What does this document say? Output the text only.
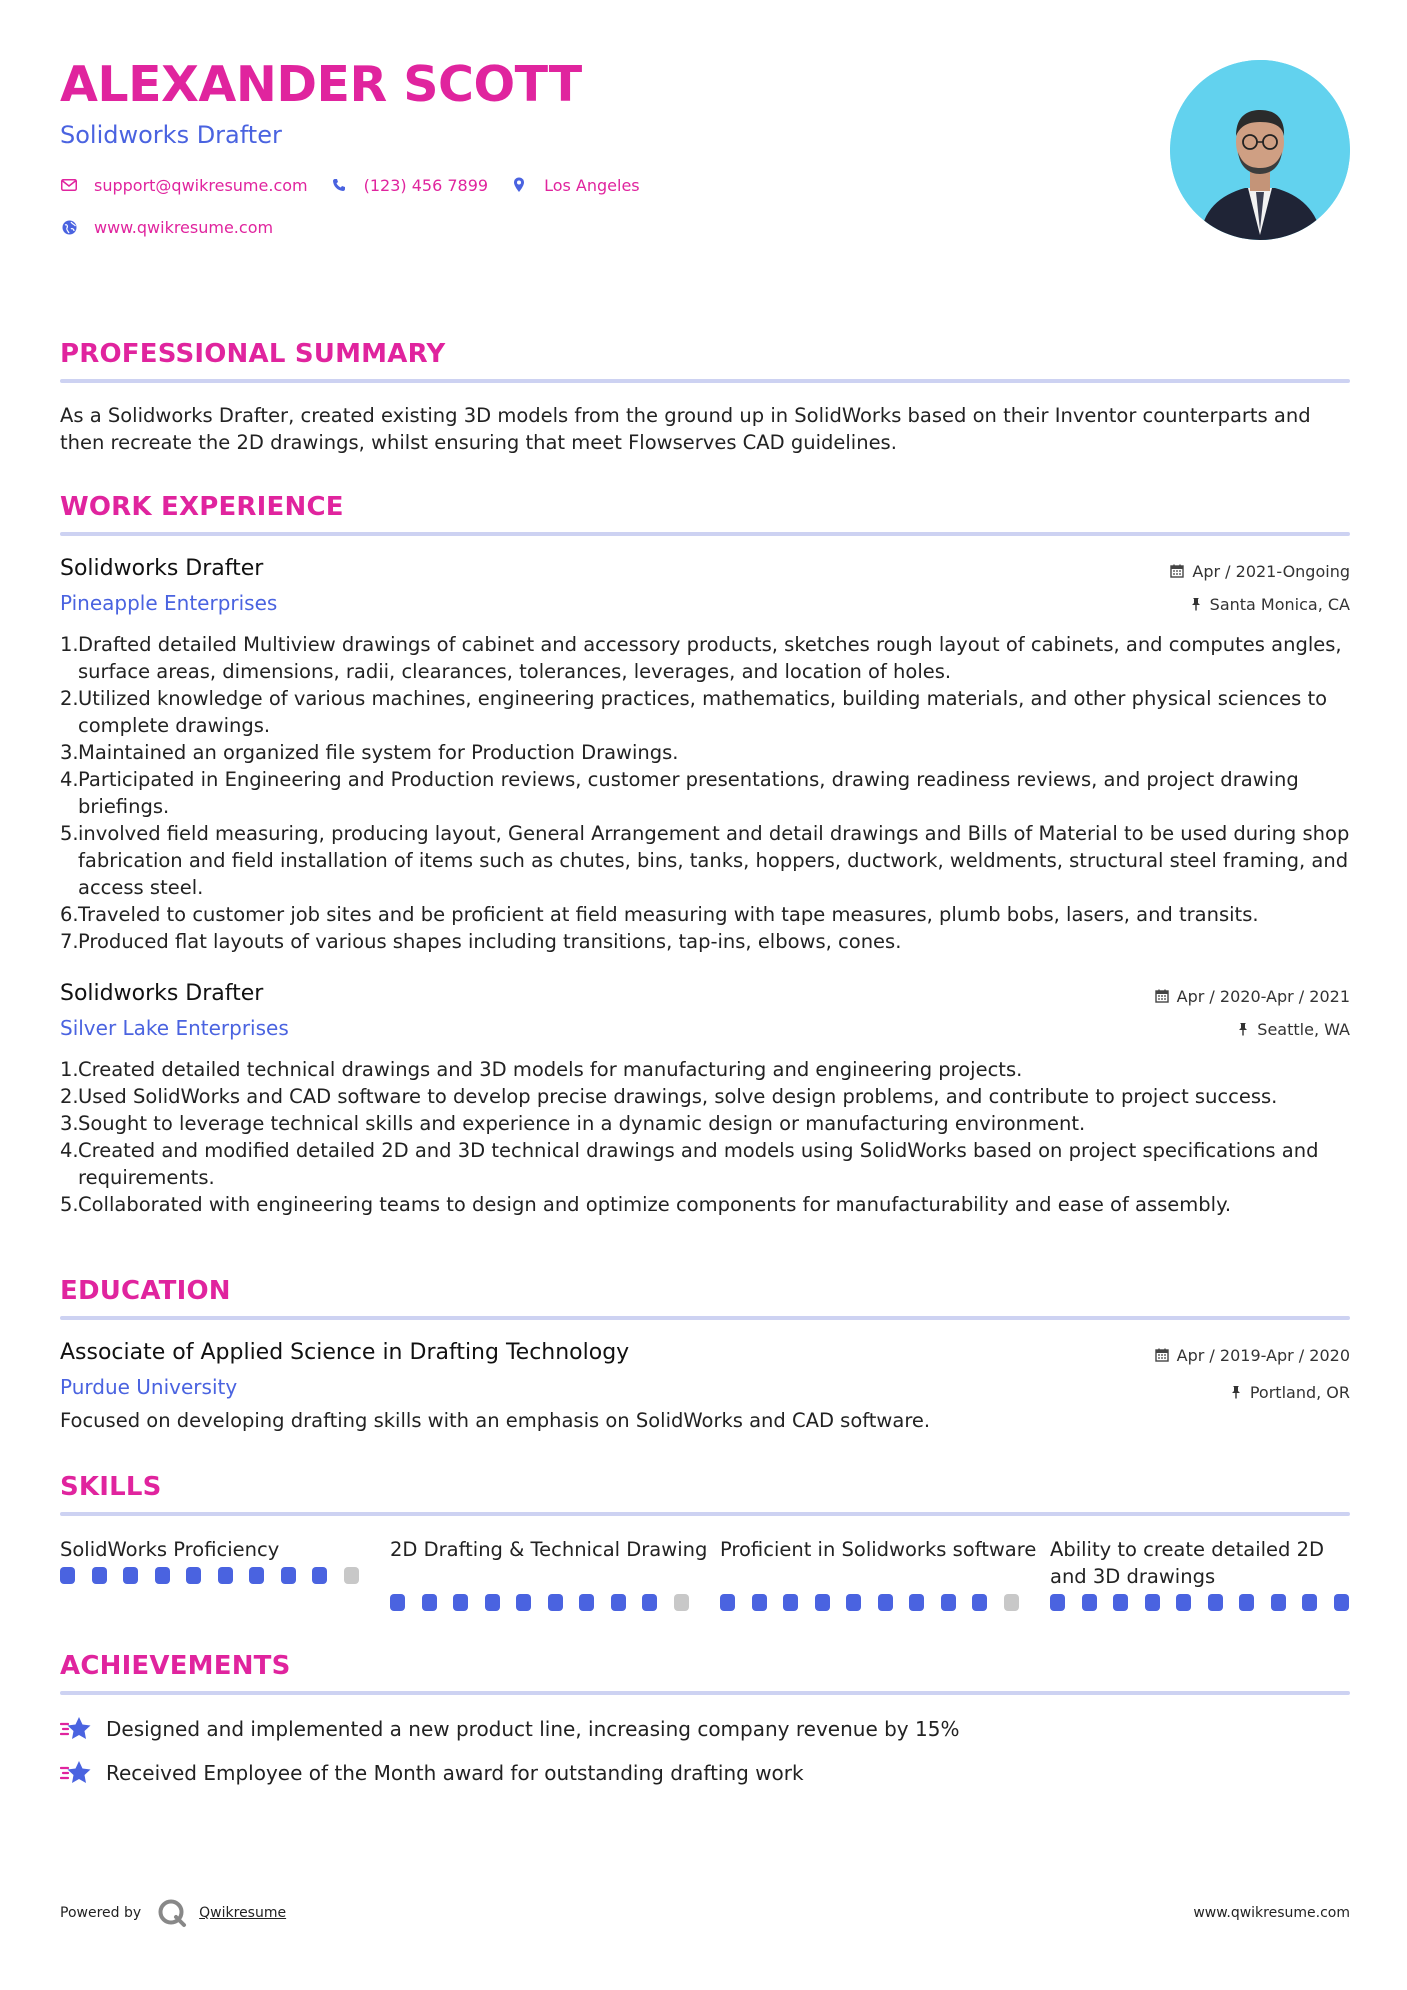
ALEXANDER SCOTT
Solidworks Drafter
support@qwikresume.com	(123) 456 7899	Los Angeles
www.qwikresume.com
PROFESSIONAL SUMMARY
As a Solidworks Drafter, created existing 3D models from the ground up in SolidWorks based on their Inventor counterparts and then recreate the 2D drawings, whilst ensuring that meet Flowserves CAD guidelines.
WORK EXPERIENCE
Solidworks Drafter
Pineapple Enterprises
Apr / 2021-Ongoing
Santa Monica, CA
Drafted detailed Multiview drawings of cabinet and accessory products, sketches rough layout of cabinets, and computes angles, surface areas, dimensions, radii, clearances, tolerances, leverages, and location of holes.
Utilized knowledge of various machines, engineering practices, mathematics, building materials, and other physical sciences to complete drawings.
Maintained an organized file system for Production Drawings.
Participated in Engineering and Production reviews, customer presentations, drawing readiness reviews, and project drawing briefings.
involved field measuring, producing layout, General Arrangement and detail drawings and Bills of Material to be used during shop fabrication and field installation of items such as chutes, bins, tanks, hoppers, ductwork, weldments, structural steel framing, and access steel.
Traveled to customer job sites and be proficient at field measuring with tape measures, plumb bobs, lasers, and transits.
Produced flat layouts of various shapes including transitions, tap-ins, elbows, cones.
Solidworks Drafter
Silver Lake Enterprises
Apr / 2020-Apr / 2021
Seattle, WA
Created detailed technical drawings and 3D models for manufacturing and engineering projects.
Used SolidWorks and CAD software to develop precise drawings, solve design problems, and contribute to project success.
Sought to leverage technical skills and experience in a dynamic design or manufacturing environment.
Created and modified detailed 2D and 3D technical drawings and models using SolidWorks based on project specifications and requirements.
Collaborated with engineering teams to design and optimize components for manufacturability and ease of assembly.
EDUCATION
Associate of Applied Science in Drafting Technology
Purdue University
Apr / 2019-Apr / 2020
Portland, OR
Focused on developing drafting skills with an emphasis on SolidWorks and CAD software.
SKILLS
SolidWorks Proficiency	2D Drafting & Technical Drawing Proficient in Solidworks software Ability to create detailed 2D and 3D drawings
ACHIEVEMENTS
Designed and implemented a new product line, increasing company revenue by 15%
Received Employee of the Month award for outstanding drafting work
Powered by	Qwikresume	www.qwikresume.com
